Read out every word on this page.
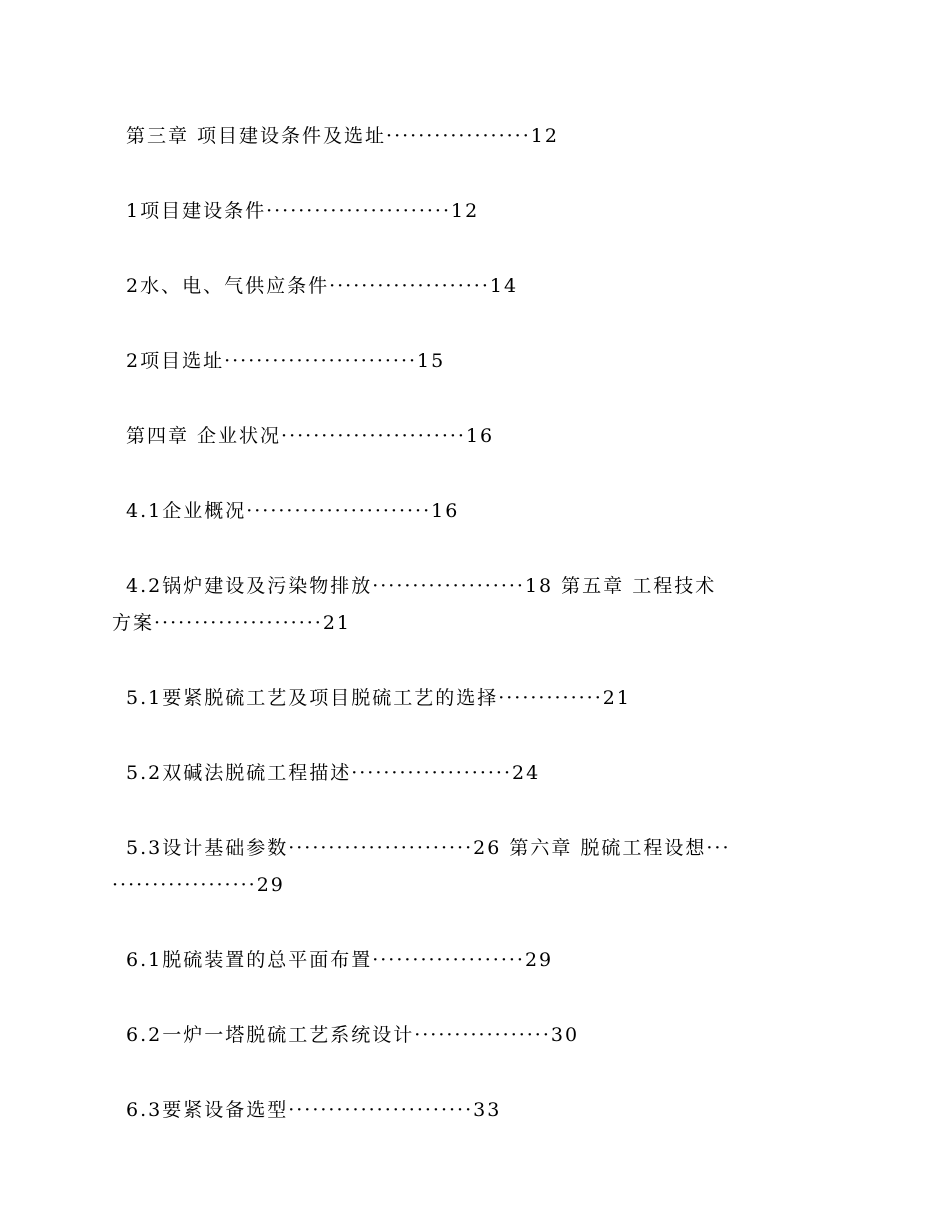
第三章 项目建设条件及选址··················12

1项目建设条件·······················12

2水、电、气供应条件····················14

2项目选址························15

第四章 企业状况·······················16

4.1企业概况·······················16

4.2锅炉建设及污染物排放···················18 第五章 工程技术方案·····················21

5.1要紧脱硫工艺及项目脱硫工艺的选择·············21

5.2双碱法脱硫工程描述····················24

5.3设计基础参数·······················26 第六章 脱硫工程设想·····················29

6.1脱硫装置的总平面布置···················29

6.2一炉一塔脱硫工艺系统设计·················30

6.3要紧设备选型·······················33
